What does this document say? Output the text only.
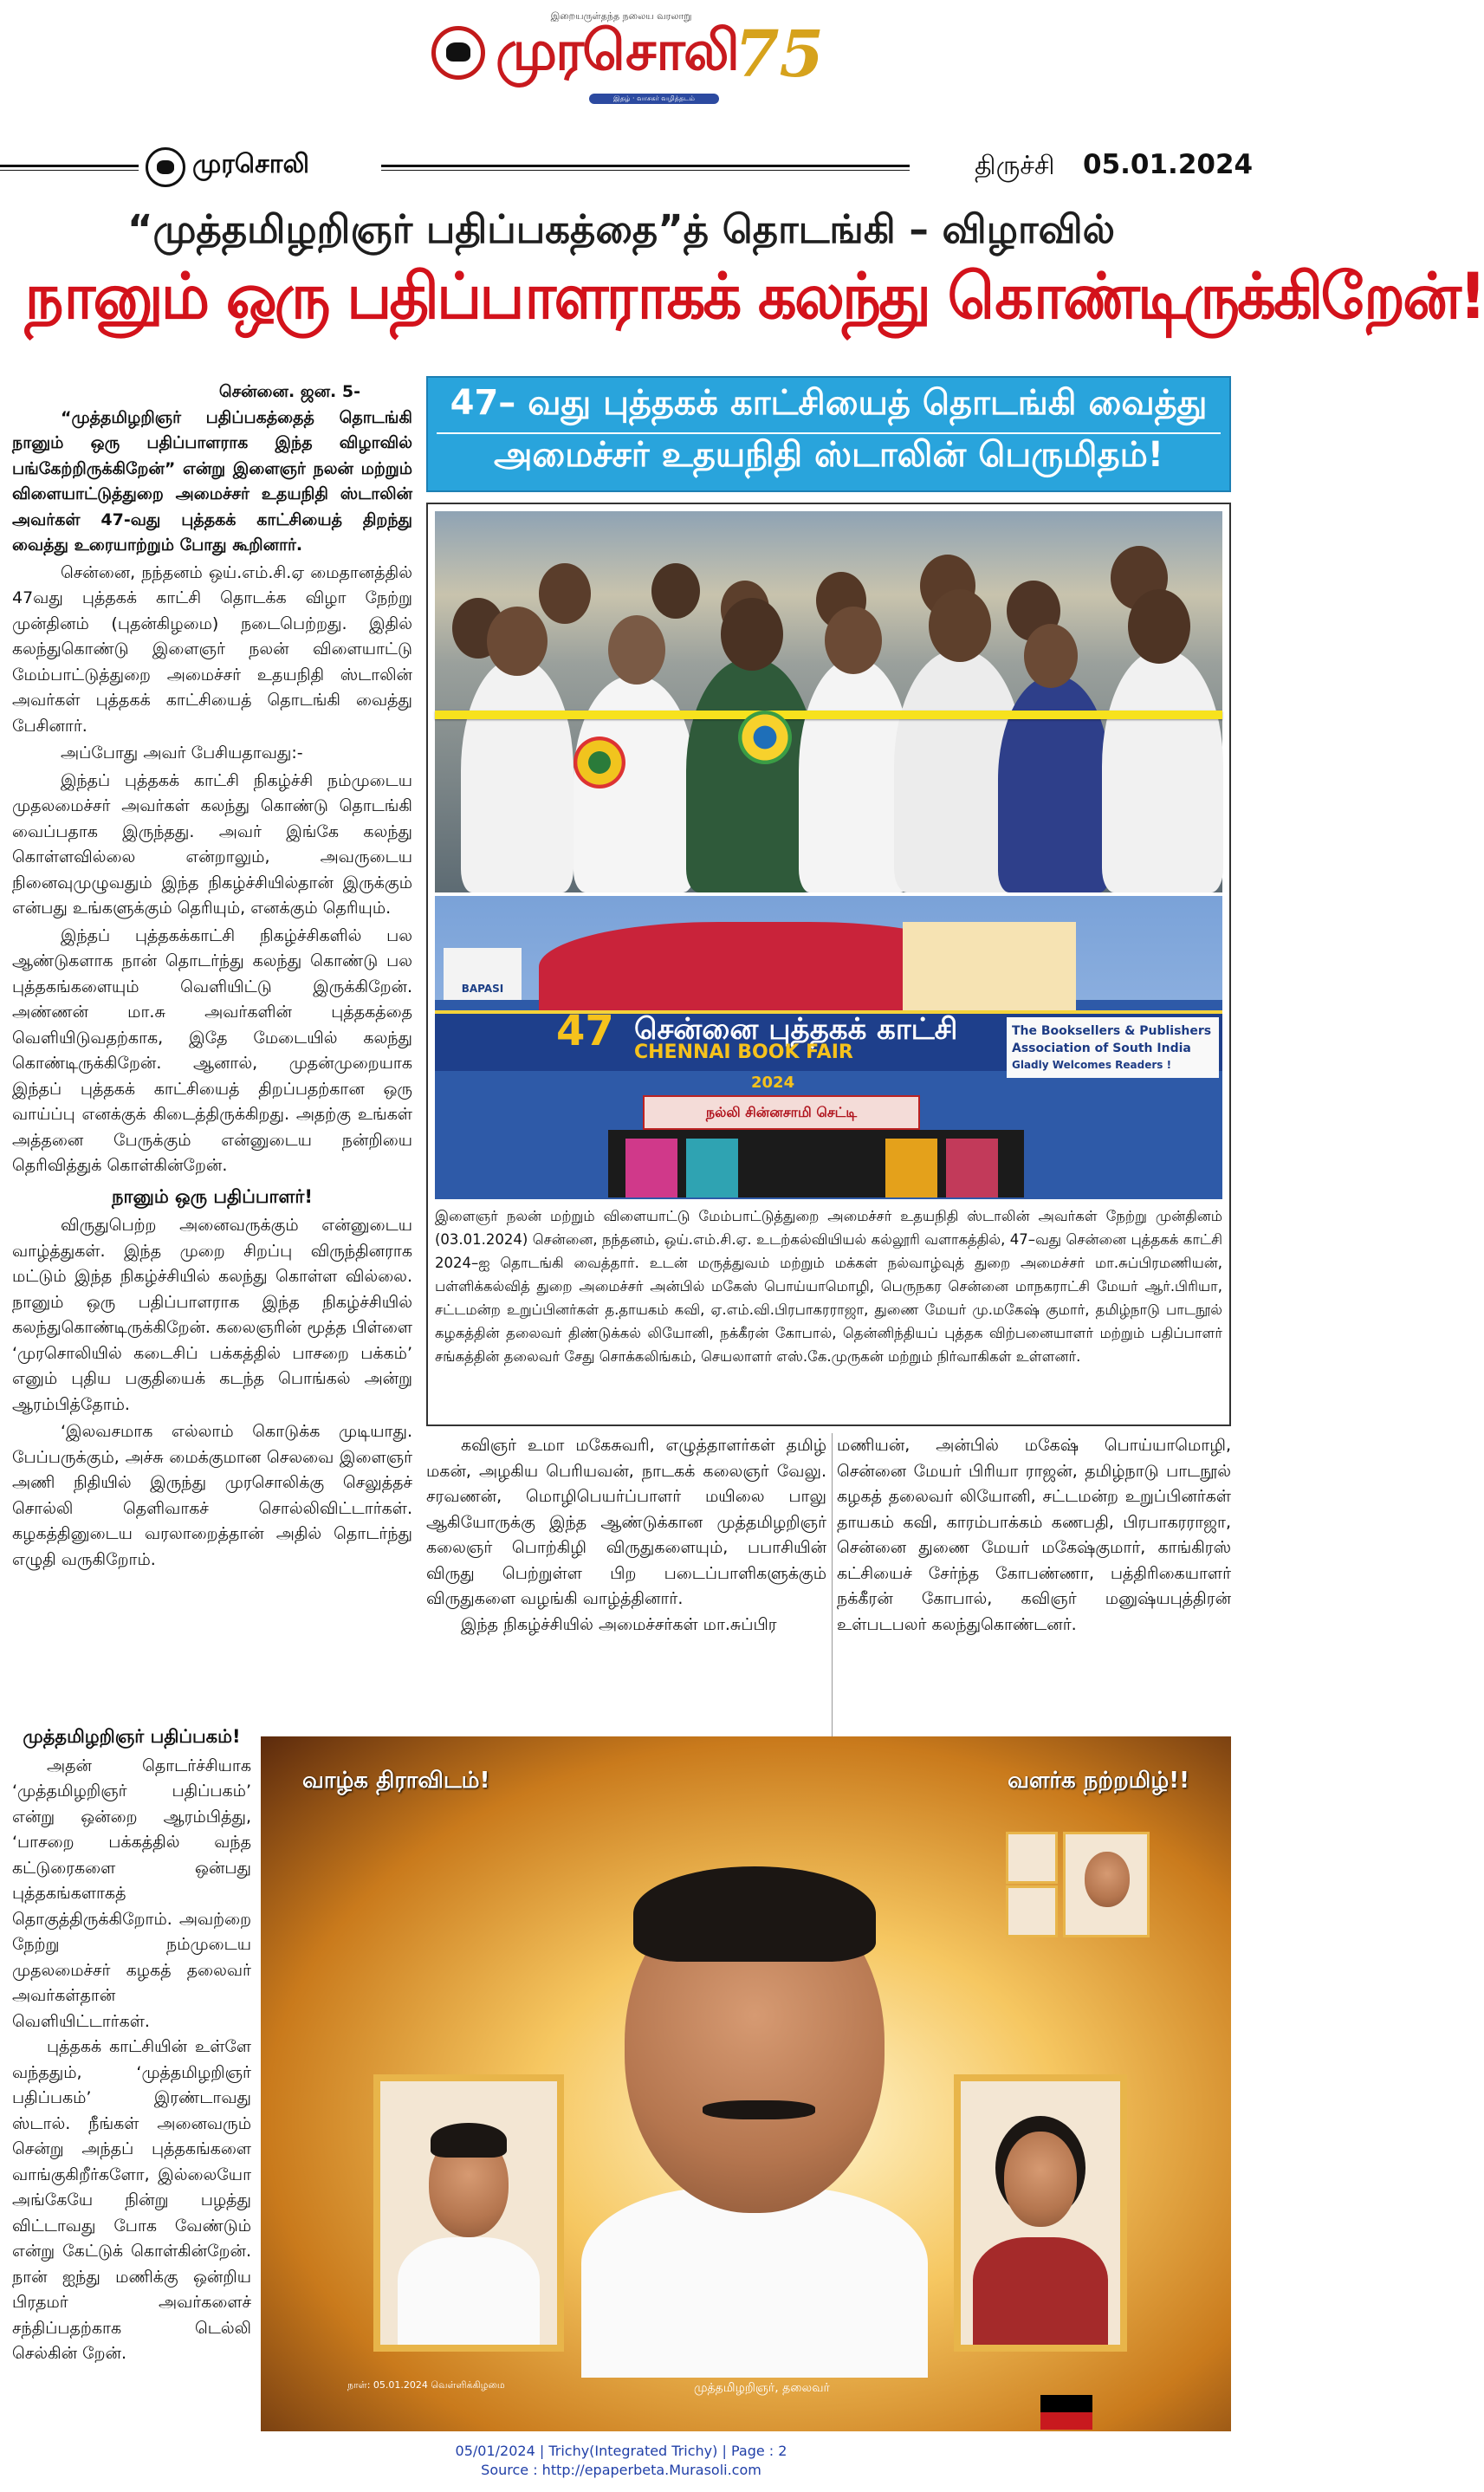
இறையருள்தந்த நலைய வரலாறு
முரசொலி
75
இதழ் · வாசகர் வழித்தடம்
முரசொலி	திருச்சி 05.01.2024
“முத்தமிழறிஞர் பதிப்பகத்தை”த் தொடங்கி – விழாவில்
நானும் ஒரு பதிப்பாளராகக் கலந்து கொண்டிருக்கிறேன்!
சென்னை. ஜன. 5-

“முத்தமிழறிஞர் பதிப்பகத்தைத் தொடங்கி நானும் ஒரு பதிப்பாளராக இந்த விழாவில் பங்கேற்றிருக்கிறேன்” என்று இளைஞர் நலன் மற்றும் விளையாட்டுத்துறை அமைச்சர் உதயநிதி ஸ்டாலின் அவர்கள் 47-வது புத்தகக் காட்சியைத் திறந்து வைத்து உரையாற்றும் போது கூறினார்.

சென்னை, நந்தனம் ஒய்.எம்.சி.ஏ மைதானத்தில் 47வது புத்தகக் காட்சி தொடக்க விழா நேற்று முன்தினம் (புதன்கிழமை) நடைபெற்றது. இதில் கலந்துகொண்டு இளைஞர் நலன் விளையாட்டு மேம்பாட்டுத்துறை அமைச்சர் உதயநிதி ஸ்டாலின் அவர்கள் புத்தகக் காட்சியைத் தொடங்கி வைத்து பேசினார்.

அப்போது அவர் பேசியதாவது:-

இந்தப் புத்தகக் காட்சி நிகழ்ச்சி நம்முடைய முதலமைச்சர் அவர்கள் கலந்து கொண்டு தொடங்கி வைப்பதாக இருந்தது. அவர் இங்கே கலந்து கொள்ளவில்லை என்றாலும், அவருடைய நினைவுமுழுவதும் இந்த நிகழ்ச்சியில்தான் இருக்கும் என்பது உங்களுக்கும் தெரியும், எனக்கும் தெரியும்.

இந்தப் புத்தகக்காட்சி நிகழ்ச்சிகளில் பல ஆண்டுகளாக நான் தொடர்ந்து கலந்து கொண்டு பல புத்தகங்களையும் வெளியிட்டு இருக்கிறேன். அண்ணன் மா.சு அவர்களின் புத்தகத்தை வெளியிடுவதற்காக, இதே மேடையில் கலந்து கொண்டிருக்கிறேன். ஆனால், முதன்முறையாக இந்தப் புத்தகக் காட்சியைத் திறப்பதற்கான ஒரு வாய்ப்பு எனக்குக் கிடைத்திருக்கிறது. அதற்கு உங்கள் அத்தனை பேருக்கும் என்னுடைய நன்றியை தெரிவித்துக் கொள்கின்றேன்.

நானும் ஒரு பதிப்பாளர்!

விருதுபெற்ற அனைவருக்கும் என்னுடைய வாழ்த்துகள். இந்த முறை சிறப்பு விருந்தினராக மட்டும் இந்த நிகழ்ச்சியில் கலந்து கொள்ள வில்லை. நானும் ஒரு பதிப்பாளராக இந்த நிகழ்ச்சியில் கலந்துகொண்டிருக்கிறேன். கலைஞரின் மூத்த பிள்ளை ‘முரசொலியில் கடைசிப் பக்கத்தில் பாசறை பக்கம்’ எனும் புதிய பகுதியைக் கடந்த பொங்கல் அன்று ஆரம்பித்தோம்.

‘இலவசமாக எல்லாம் கொடுக்க முடியாது. பேப்பருக்கும், அச்சு மைக்குமான செலவை இளைஞர் அணி நிதியில் இருந்து முரசொலிக்கு செலுத்தச் சொல்லி தெளிவாகச் சொல்லிவிட்டார்கள். கழகத்தினுடைய வரலாறைத்தான் அதில் தொடர்ந்து எழுதி வருகிறோம்.

முத்தமிழறிஞர் பதிப்பகம்!

அதன் தொடர்ச்சியாக ‘முத்தமிழறிஞர் பதிப்பகம்’ என்று ஒன்றை ஆரம்பித்து, ‘பாசறை பக்கத்தில் வந்த கட்டுரைகளை ஒன்பது புத்தகங்களாகத் தொகுத்திருக்கிறோம். அவற்றை நேற்று நம்முடைய முதலமைச்சர் கழகத் தலைவர் அவர்கள்தான் வெளியிட்டார்கள்.

புத்தகக் காட்சியின் உள்ளே வந்ததும், ‘முத்தமிழறிஞர் பதிப்பகம்’ இரண்டாவது ஸ்டால். நீங்கள் அனைவரும் சென்று அந்தப் புத்தகங்களை வாங்குகிறீர்களோ, இல்லையோ அங்கேயே நின்று பழத்து விட்டாவது போக வேண்டும் என்று கேட்டுக் கொள்கின்றேன். நான் ஐந்து மணிக்கு ஒன்றிய பிரதமர் அவர்களைச் சந்திப்பதற்காக டெல்லி செல்கின் றேன்.

47– வது புத்தகக் காட்சியைத் தொடங்கி வைத்து
அமைச்சர் உதயநிதி ஸ்டாலின் பெருமிதம்!
BAPASI
47 சென்னை புத்தகக் காட்சி
CHENNAI BOOK FAIR
2024
The Booksellers & Publishers
Association of South India
Gladly Welcomes Readers !
நல்லி சின்னசாமி செட்டி
இளைஞர் நலன் மற்றும் விளையாட்டு மேம்பாட்டுத்துறை அமைச்சர் உதயநிதி ஸ்டாலின் அவர்கள் நேற்று முன்தினம் (03.01.2024) சென்னை, நந்தனம், ஒய்.எம்.சி.ஏ. உடற்கல்வியியல் கல்லூரி வளாகத்தில், 47–வது சென்னை புத்தகக் காட்சி 2024–ஐ தொடங்கி வைத்தார். உடன் மருத்துவம் மற்றும் மக்கள் நல்வாழ்வுத் துறை அமைச்சர் மா.சுப்பிரமணியன், பள்ளிக்கல்வித் துறை அமைச்சர் அன்பில் மகேஸ் பொய்யாமொழி, பெருநகர சென்னை மாநகராட்சி மேயர் ஆர்.பிரியா, சட்டமன்ற உறுப்பினர்கள் த.தாயகம் கவி, ஏ.எம்.வி.பிரபாகரராஜா, துணை மேயர் மு.மகேஷ் குமார், தமிழ்நாடு பாடநூல் கழகத்தின் தலைவர் திண்டுக்கல் லியோனி, நக்கீரன் கோபால், தென்னிந்தியப் புத்தக விற்பனையாளர் மற்றும் பதிப்பாளர் சங்கத்தின் தலைவர் சேது சொக்கலிங்கம், செயலாளர் எஸ்.கே.முருகன் மற்றும் நிர்வாகிகள் உள்ளனர்.

கவிஞர் உமா மகேசுவரி, எழுத்தாளர்கள் தமிழ் மகன், அழகிய பெரியவன், நாடகக் கலைஞர் வேலு. சரவணன், மொழிபெயர்ப்பாளர் மயிலை பாலு ஆகியோருக்கு இந்த ஆண்டுக்கான முத்தமிழறிஞர் கலைஞர் பொற்கிழி விருதுகளையும், பபாசியின் விருது பெற்றுள்ள பிற படைப்பாளிகளுக்கும் விருதுகளை வழங்கி வாழ்த்தினார்.

இந்த நிகழ்ச்சியில் அமைச்சர்கள் மா.சுப்பிர

மணியன், அன்பில் மகேஷ் பொய்யாமொழி, சென்னை மேயர் பிரியா ராஜன், தமிழ்நாடு பாடநூல் கழகத் தலைவர் லியோனி, சட்டமன்ற உறுப்பினர்கள் தாயகம் கவி, காரம்பாக்கம் கணபதி, பிரபாகரராஜா, சென்னை துணை மேயர் மகேஷ்குமார், காங்கிரஸ் கட்சியைச் சேர்ந்த கோபண்ணா, பத்திரிகையாளர் நக்கீரன் கோபால், கவிஞர் மனுஷ்யபுத்திரன் உள்படபலர் கலந்துகொண்டனர்.

வாழ்க திராவிடம்!	வளர்க நற்றமிழ்!!
முத்தமிழறிஞர், தலைவர்
நாள்: 05.01.2024 வெள்ளிக்கிழமை
05/01/2024 | Trichy(Integrated Trichy) | Page : 2
Source : http://epaperbeta.Murasoli.com
